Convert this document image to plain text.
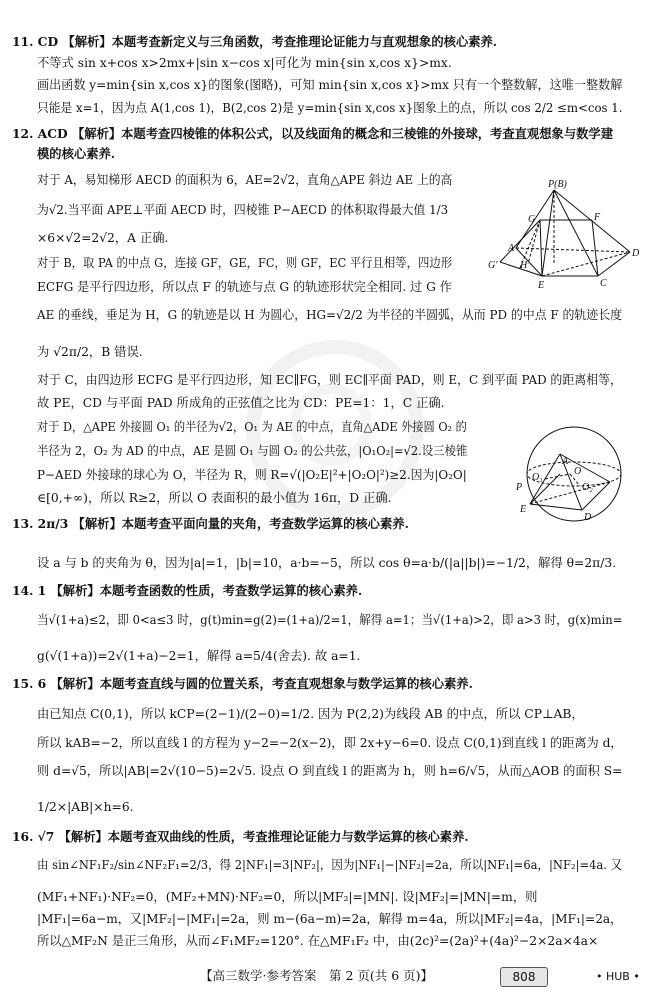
11. CD 【解析】本题考查新定义与三角函数，考查推理论证能力与直观想象的核心素养.
不等式 sin x+cos x>2mx+|sin x−cos x|可化为 min{sin x,cos x}>mx.
画出函数 y=min{sin x,cos x}的图象(图略)，可知 min{sin x,cos x}>mx 只有一个整数解，这唯一整数解
只能是 x=1，因为点 A(1,cos 1)，B(2,cos 2)是 y=min{sin x,cos x}图象上的点，所以 cos 2/2 ≤m<cos 1.
12. ACD 【解析】本题考查四棱锥的体积公式，以及线面角的概念和三棱锥的外接球，考查直观想象与数学建
模的核心素养.
对于 A，易知梯形 AECD 的面积为 6，AE=2√2，直角△APE 斜边 AE 上的高
为√2.当平面 APE⊥平面 AECD 时，四棱锥 P−AECD 的体积取得最大值 1/3
×6×√2=2√2，A 正确.
对于 B，取 PA 的中点 G，连接 GF，GE，FC，则 GF，EC 平行且相等，四边形
ECFG 是平行四边形，所以点 F 的轨迹与点 G 的轨迹形状完全相同. 过 G 作
AE 的垂线，垂足为 H，G 的轨迹是以 H 为圆心，HG=√2/2 为半径的半圆弧，从而 PD 的中点 F 的轨迹长度
为 √2π/2，B 错误.
对于 C，由四边形 ECFG 是平行四边形，知 EC∥FG，则 EC∥平面 PAD，则 E，C 到平面 PAD 的距离相等，
故 PE，CD 与平面 PAD 所成角的正弦值之比为 CD：PE=1：1，C 正确.
对于 D，△APE 外接圆 O₁ 的半径为√2，O₁ 为 AE 的中点，直角△ADE 外接圆 O₂ 的
半径为 2，O₂ 为 AD 的中点，AE 是圆 O₁ 与圆 O₂ 的公共弦，|O₁O₂|=√2.设三棱锥
P−AED 外接球的球心为 O，半径为 R，则 R=√(|O₂E|²+|O₂O|²)≥2.因为|O₂O|
∈[0,+∞)，所以 R≥2，所以 O 表面积的最小值为 16π，D 正确.
13. 2π/3 【解析】本题考查平面向量的夹角，考查数学运算的核心素养.
设 a 与 b 的夹角为 θ，因为|a|=1，|b|=10，a·b=−5，所以 cos θ=a·b/(|a||b|)=−1/2，解得 θ=2π/3.
14. 1 【解析】本题考查函数的性质，考查数学运算的核心素养.
当√(1+a)≤2，即 0<a≤3 时，g(t)min=g(2)=(1+a)/2=1，解得 a=1；当√(1+a)>2，即 a>3 时，g(x)min=
g(√(1+a))=2√(1+a)−2=1，解得 a=5/4(舍去). 故 a=1.
15. 6 【解析】本题考查直线与圆的位置关系，考查直观想象与数学运算的核心素养.
由已知点 C(0,1)，所以 kCP=(2−1)/(2−0)=1/2. 因为 P(2,2)为线段 AB 的中点，所以 CP⊥AB，
所以 kAB=−2，所以直线 l 的方程为 y−2=−2(x−2)，即 2x+y−6=0. 设点 C(0,1)到直线 l 的距离为 d，
则 d=√5，所以|AB|=2√(10−5)=2√5. 设点 O 到直线 l 的距离为 h，则 h=6/√5，从而△AOB 的面积 S=
1/2×|AB|×h=6.
16. √7 【解析】本题考查双曲线的性质，考查推理论证能力与数学运算的核心素养.
由 sin∠NF₁F₂/sin∠NF₂F₁=2/3，得 2|NF₁|=3|NF₂|，因为|NF₁|−|NF₂|=2a，所以|NF₁|=6a，|NF₂|=4a. 又
(MF₁+NF₁)·NF₂=0，(MF₂+MN)·NF₂=0，所以|MF₂|=|MN|. 设|MF₂|=|MN|=m，则
|MF₁|=6a−m，又|MF₂|−|MF₁|=2a，则 m−(6a−m)=2a，解得 m=4a，所以|MF₂|=4a，|MF₁|=2a，
所以△MF₂N 是正三角形，从而∠F₁MF₂=120°. 在△MF₁F₂ 中，由(2c)²=(2a)²+(4a)²−2×2a×4a×
P(B)
G	F
A	D
G' H
E	C
A
O₁
O
O₂
P
E
D
【高三数学·参考答案　第 2 页(共 6 页)】	808	• HUB •
